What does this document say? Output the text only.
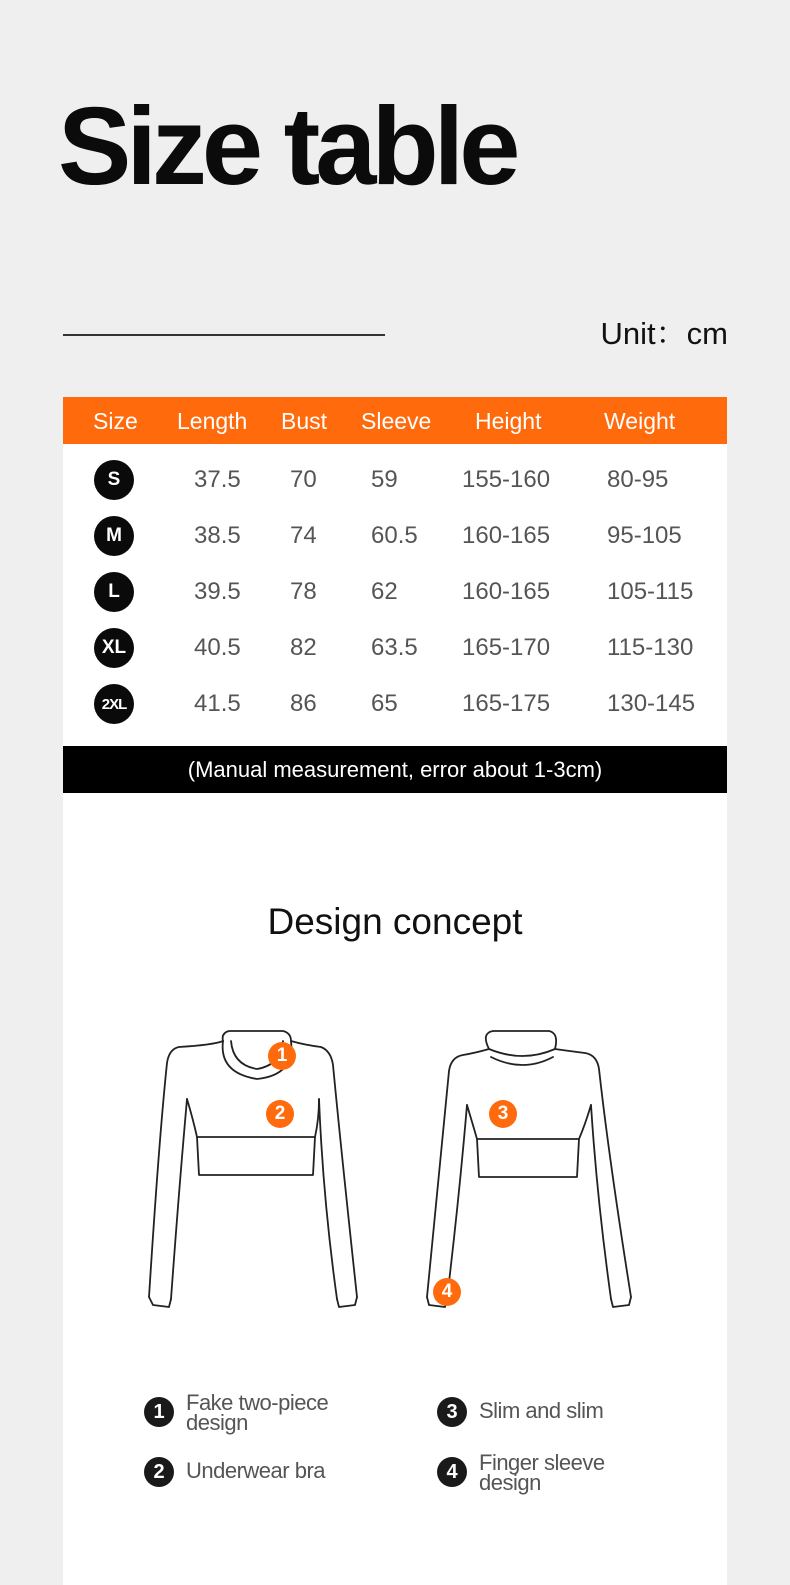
Size table
Unit：cm
Size Length Bust Sleeve Height	Weight
S	37.5 70 59	155-160 80-95
M	38.5 74 60.5 160-165 95-105
L	39.5 78 62	160-165 105-115
XL	40.5 82 63.5 165-170 115-130
2XL	41.5 86 65	165-175 130-145
(Manual measurement, error about 1-3cm)
Design concept
1
2	3
4
1 Fake two-piece design
2 Underwear bra
3 Slim and slim
4 Finger sleeve design
